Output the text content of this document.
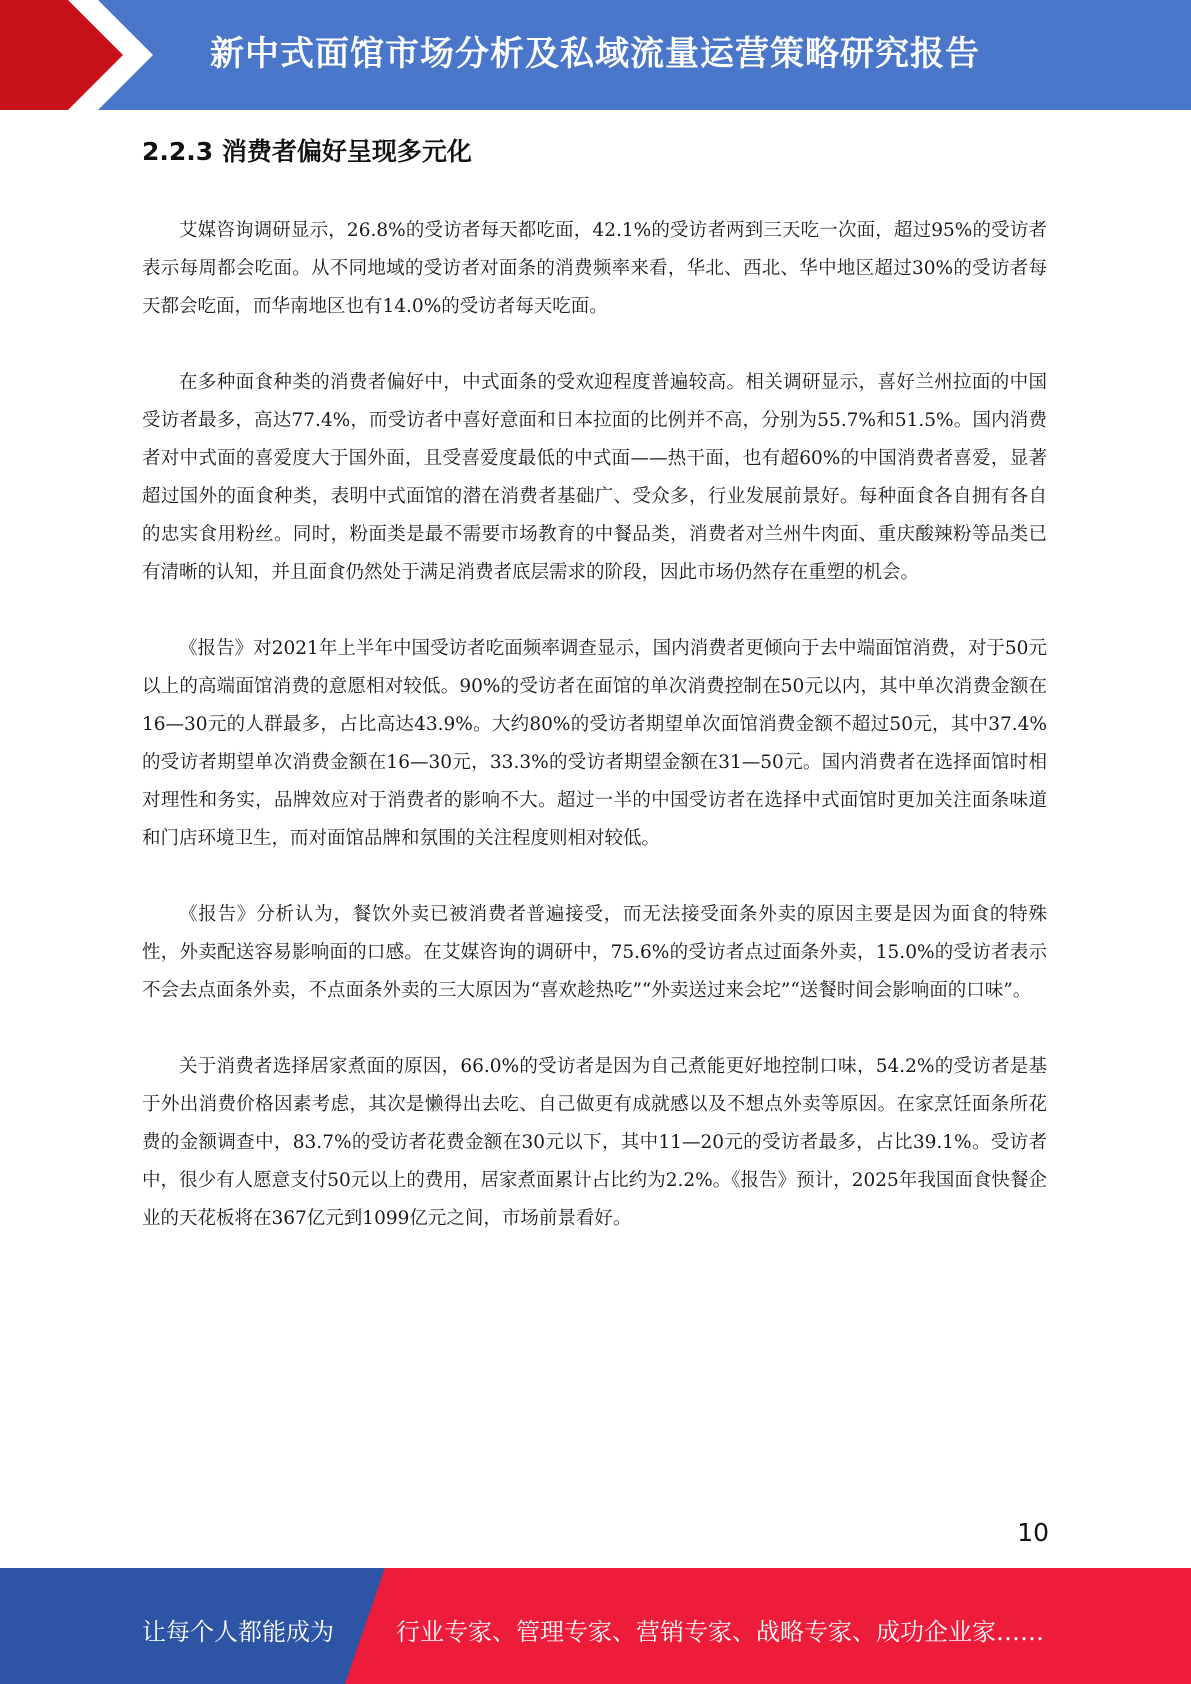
新中式面馆市场分析及私域流量运营策略研究报告
2.2.3 消费者偏好呈现多元化

艾媒咨询调研显示，26.8%的受访者每天都吃面，42.1%的受访者两到三天吃一次面，超过95%的受访者表示每周都会吃面。从不同地域的受访者对面条的消费频率来看，华北、西北、华中地区超过30%的受访者每天都会吃面，而华南地区也有14.0%的受访者每天吃面。

在多种面食种类的消费者偏好中，中式面条的受欢迎程度普遍较高。相关调研显示，喜好兰州拉面的中国受访者最多，高达77.4%，而受访者中喜好意面和日本拉面的比例并不高，分别为55.7%和51.5%。国内消费者对中式面的喜爱度大于国外面，且受喜爱度最低的中式面——热干面，也有超60%的中国消费者喜爱，显著超过国外的面食种类，表明中式面馆的潜在消费者基础广、受众多，行业发展前景好。每种面食各自拥有各自的忠实食用粉丝。同时，粉面类是最不需要市场教育的中餐品类，消费者对兰州牛肉面、重庆酸辣粉等品类已有清晰的认知，并且面食仍然处于满足消费者底层需求的阶段，因此市场仍然存在重塑的机会。

《报告》对2021年上半年中国受访者吃面频率调查显示，国内消费者更倾向于去中端面馆消费，对于50元以上的高端面馆消费的意愿相对较低。90%的受访者在面馆的单次消费控制在50元以内，其中单次消费金额在16—30元的人群最多，占比高达43.9%。大约80%的受访者期望单次面馆消费金额不超过50元，其中37.4%的受访者期望单次消费金额在16—30元，33.3%的受访者期望金额在31—50元。国内消费者在选择面馆时相对理性和务实，品牌效应对于消费者的影响不大。超过一半的中国受访者在选择中式面馆时更加关注面条味道和门店环境卫生，而对面馆品牌和氛围的关注程度则相对较低。

《报告》分析认为，餐饮外卖已被消费者普遍接受，而无法接受面条外卖的原因主要是因为面食的特殊性，外卖配送容易影响面的口感。在艾媒咨询的调研中，75.6%的受访者点过面条外卖，15.0%的受访者表示不会去点面条外卖，不点面条外卖的三大原因为“喜欢趁热吃”“外卖送过来会坨”“送餐时间会影响面的口味”。

关于消费者选择居家煮面的原因，66.0%的受访者是因为自己煮能更好地控制口味，54.2%的受访者是基于外出消费价格因素考虑，其次是懒得出去吃、自己做更有成就感以及不想点外卖等原因。在家烹饪面条所花费的金额调查中，83.7%的受访者花费金额在30元以下，其中11—20元的受访者最多，占比39.1%。受访者中，很少有人愿意支付50元以上的费用，居家煮面累计占比约为2.2%。《报告》预计，2025年我国面食快餐企业的天花板将在367亿元到1099亿元之间，市场前景看好。

10
让每个人都能成为	行业专家、管理专家、营销专家、战略专家、成功企业家……
